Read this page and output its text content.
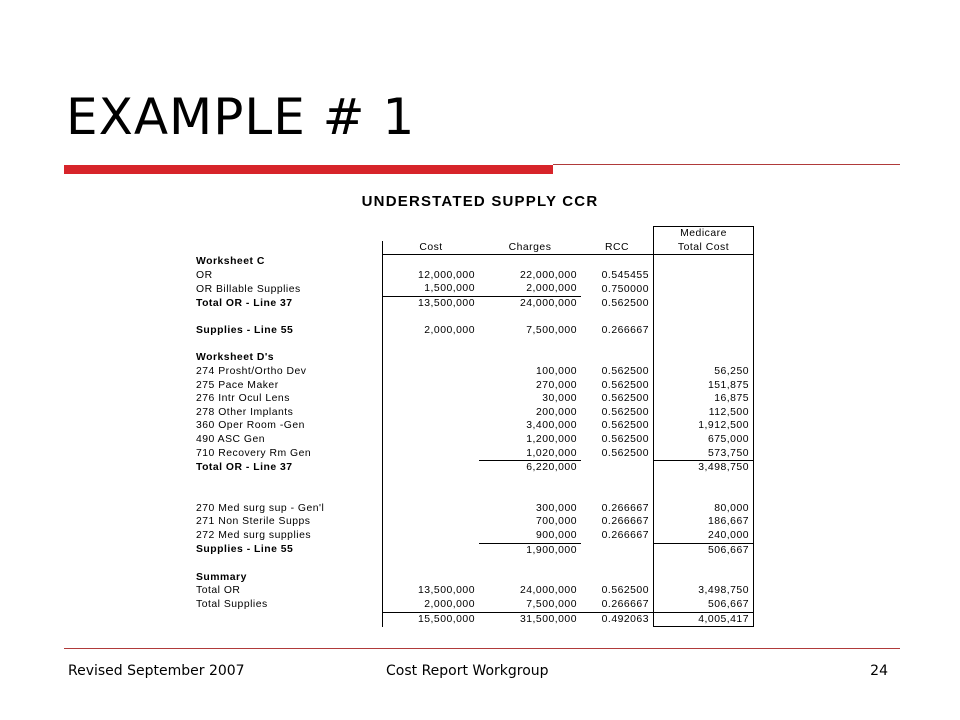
EXAMPLE # 1
UNDERSTATED SUPPLY CCR
				Medicare
	Cost	Charges	RCC	Total Cost
Worksheet C				
OR	12,000,000	22,000,000	0.545455	
OR Billable Supplies	1,500,000	2,000,000	0.750000	
Total OR - Line 37	13,500,000	24,000,000	0.562500	

Supplies - Line 55	2,000,000	7,500,000	0.266667	

Worksheet D's				
274 Prosht/Ortho Dev		100,000	0.562500	56,250
275 Pace Maker		270,000	0.562500	151,875
276 Intr Ocul Lens		30,000	0.562500	16,875
278 Other Implants		200,000	0.562500	112,500
360 Oper Room -Gen		3,400,000	0.562500	1,912,500
490 ASC Gen		1,200,000	0.562500	675,000
710 Recovery Rm Gen		1,020,000	0.562500	573,750
Total OR - Line 37		6,220,000		3,498,750

270 Med surg sup - Gen'l		300,000	0.266667	80,000
271 Non Sterile Supps		700,000	0.266667	186,667
272 Med surg supplies		900,000	0.266667	240,000
Supplies - Line 55		1,900,000		506,667

Summary				
Total OR	13,500,000	24,000,000	0.562500	3,498,750
Total Supplies	2,000,000	7,500,000	0.266667	506,667
	15,500,000	31,500,000	0.492063	4,005,417
Revised September 2007	Cost Report Workgroup	24
